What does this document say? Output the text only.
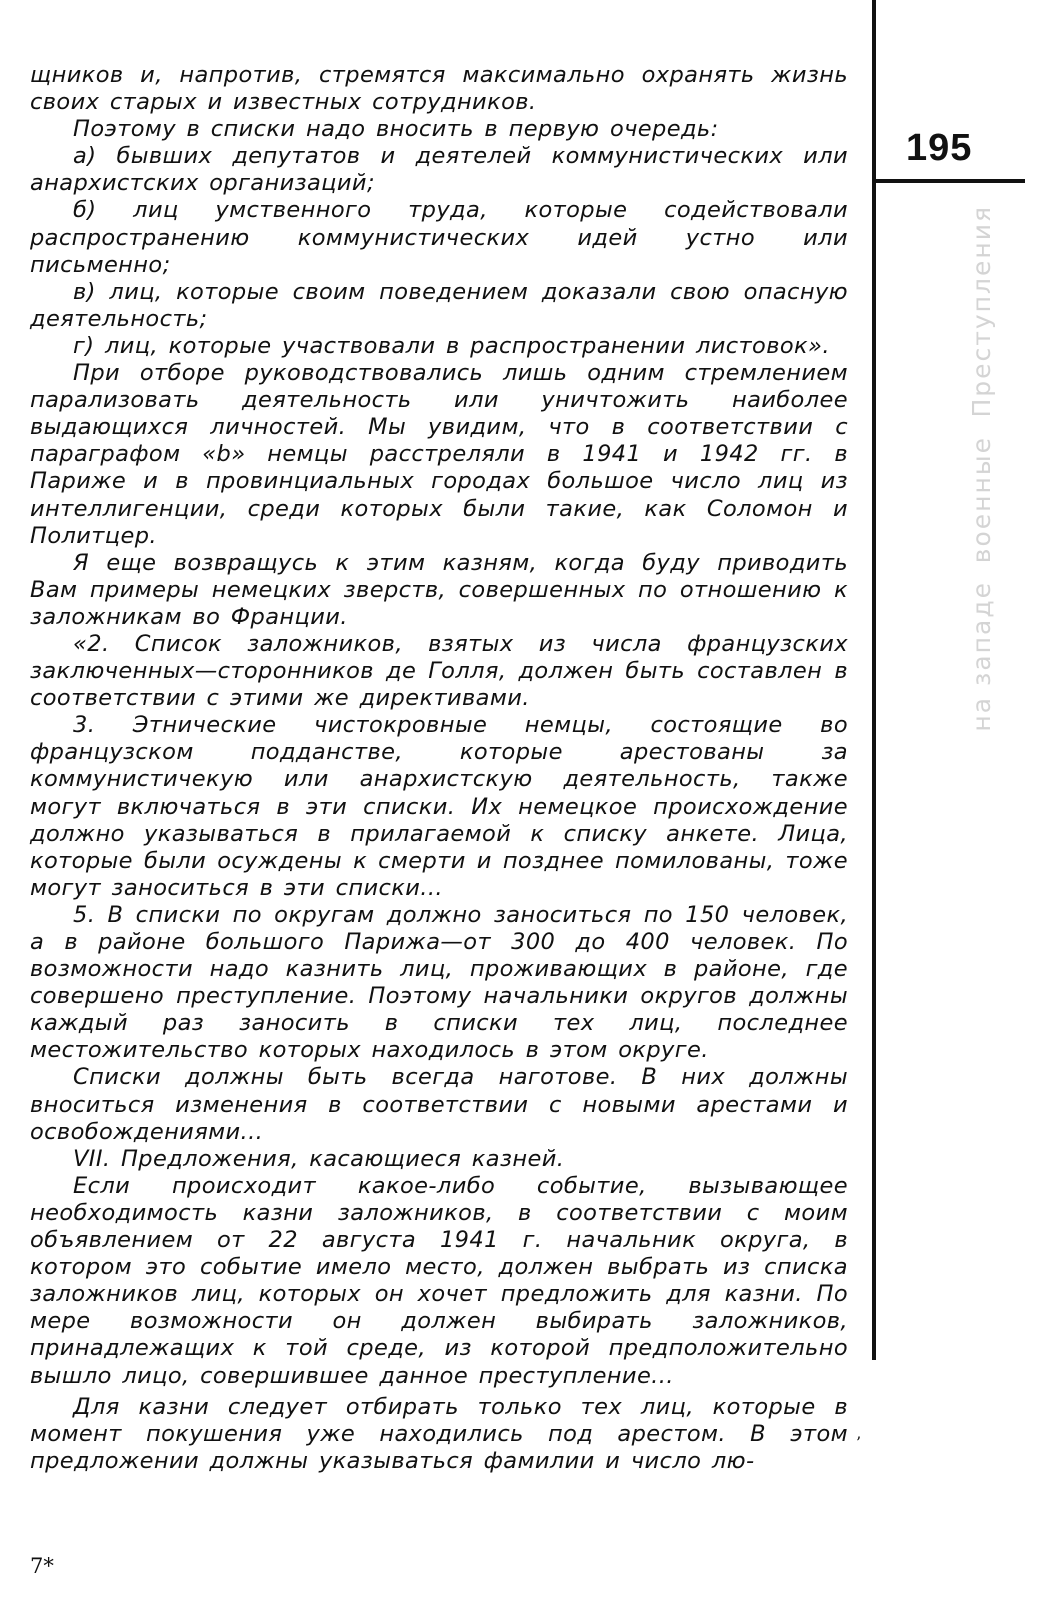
щников и, напротив, стремятся максимально охранять жизнь своих старых и известных сотрудников.

Поэтому в списки надо вносить в первую очередь:

а) бывших депутатов и деятелей коммунистических или анархистских организаций;

б) лиц умственного труда, которые содействовали распространению коммунистических идей устно или письменно;

в) лиц, которые своим поведением доказали свою опасную деятельность;

г) лиц, которые участвовали в распространении листовок».

При отборе руководствовались лишь одним стремлением парализовать деятельность или уничтожить наиболее выдающихся личностей. Мы увидим, что в соответствии с параграфом «b» немцы расстреляли в 1941 и 1942 гг. в Париже и в провинциальных городах большое число лиц из интеллигенции, среди которых были такие, как Соломон и Политцер.

Я еще возвращусь к этим казням, когда буду приводить Вам примеры немецких зверств, совершенных по отношению к заложникам во Франции.

«2. Список заложников, взятых из числа французских заключенных—сторонников де Голля, должен быть составлен в соответствии с этими же директивами.

3. Этнические чистокровные немцы, состоящие во французском подданстве, которые арестованы за коммунистичекую или анархистскую деятельность, также могут включаться в эти списки. Их немецкое происхождение должно указываться в прилагаемой к списку анкете. Лица, которые были осуждены к смерти и позднее помилованы, тоже могут заноситься в эти списки...

5. В списки по округам должно заноситься по 150 человек, а в районе большого Парижа—от 300 до 400 человек. По возможности надо казнить лиц, проживающих в районе, где совершено преступление. Поэтому начальники округов должны каждый раз заносить в списки тех лиц, последнее местожительство которых находилось в этом округе.

Списки должны быть всегда наготове. В них должны вноситься изменения в соответствии с новыми арестами и освобождениями...

VII. Предложения, касающиеся казней.

Если происходит какое-либо событие, вызывающее необходимость казни заложников, в соответствии с моим объявлением от 22 августа 1941 г. начальник округа, в котором это событие имело место, должен выбрать из списка заложников лиц, которых он хочет предложить для казни. По мере возможности он должен выбирать заложников, принадлежащих к той среде, из которой предположительно вышло лицо, совершившее данное преступление...

Для казни следует отбирать только тех лиц, которые в момент покушения уже находились под арестом. В этом предложении должны указываться фамилии и число лю-

195
Преступления
военные
на западе
’
7*
